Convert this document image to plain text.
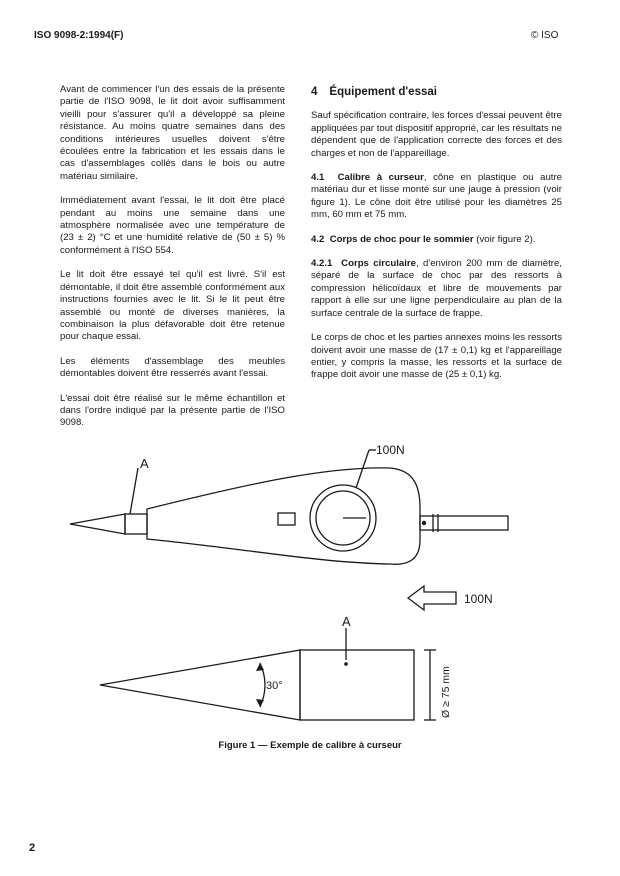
ISO 9098-2:1994(F)	© ISO

Avant de commencer l'un des essais de la présente partie de l'ISO 9098, le lit doit avoir suffisamment vieilli pour s'assurer qu'il a développé sa pleine résistance. Au moins quatre semaines dans des conditions intérieures usuelles doivent s'être écoulées entre la fabrication et les essais dans le cas d'assemblages collés dans le bois ou autre matériau similaire.

Immédiatement avant l'essai, le lit doit être placé pendant au moins une semaine dans une atmosphère normalisée avec une température de (23 ± 2) °C et une humidité relative de (50 ± 5) % conformément à l'ISO 554.

Le lit doit être essayé tel qu'il est livré. S'il est démontable, il doit être assemblé conformément aux instructions fournies avec le lit. Si le lit peut être assemblé ou monté de diverses manières, la combinaison la plus défavorable doit être retenue pour chaque essai.

Les éléments d'assemblage des meubles démontables doivent être resserrés avant l'essai.

L'essai doit être réalisé sur le même échantillon et dans l'ordre indiqué par la présente partie de l'ISO 9098.

4 Équipement d'essai

Sauf spécification contraire, les forces d'essai peuvent être appliquées par tout dispositif approprié, car les résultats ne dépendent que de l'application correcte des forces et des charges et non de l'appareillage.

4.1 Calibre à curseur, cône en plastique ou autre matériau dur et lisse monté sur une jauge à pression (voir figure 1). Le cône doit être utilisé pour les diamètres 25 mm, 60 mm et 75 mm.

4.2 Corps de choc pour le sommier (voir figure 2).

4.2.1 Corps circulaire, d'environ 200 mm de diamètre, séparé de la surface de choc par des ressorts à compression hélicoïdaux et libre de mouvements par rapport à elle sur une ligne perpendiculaire au plan de la surface centrale de la surface de frappe.

Le corps de choc et les parties annexes moins les ressorts doivent avoir une masse de (17 ± 0,1) kg et l'appareillage entier, y compris la masse, les ressorts et la surface de frappe doit avoir une masse de (25 ± 0,1) kg.

A
100N
100N
A
30°	Ø ≥ 75 mm
Figure 1 — Exemple de calibre à curseur
2
